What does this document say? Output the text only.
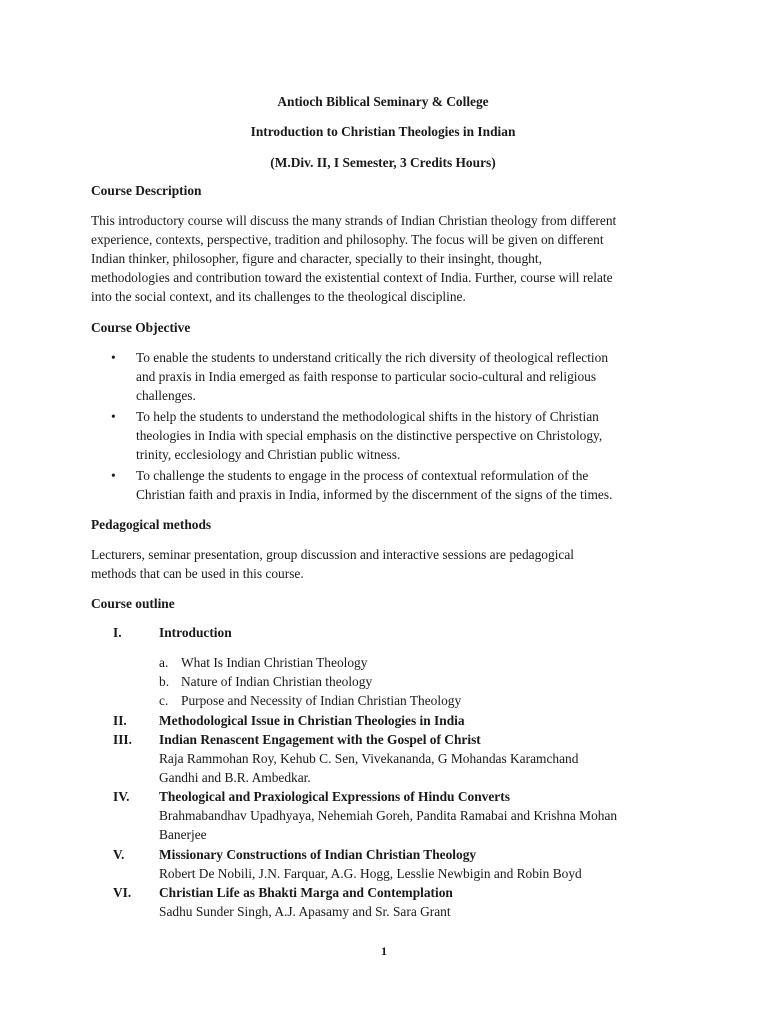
Antioch Biblical Seminary & College
Introduction to Christian Theologies in Indian
(M.Div. II, I Semester, 3 Credits Hours)
Course Description
This introductory course will discuss the many strands of Indian Christian theology from different
experience, contexts, perspective, tradition and philosophy. The focus will be given on different
Indian thinker, philosopher, figure and character, specially to their insinght, thought,
methodologies and contribution toward the existential context of India. Further, course will relate
into the social context, and its challenges to the theological discipline.
Course Objective
•	To enable the students to understand critically the rich diversity of theological reflection
and praxis in India emerged as faith response to particular socio-cultural and religious
challenges.
•	To help the students to understand the methodological shifts in the history of Christian
theologies in India with special emphasis on the distinctive perspective on Christology,
trinity, ecclesiology and Christian public witness.
•	To challenge the students to engage in the process of contextual reformulation of the
Christian faith and praxis in India, informed by the discernment of the signs of the times.
Pedagogical methods
Lecturers, seminar presentation, group discussion and interactive sessions are pedagogical
methods that can be used in this course.
Course outline
I.	Introduction
a. What Is Indian Christian Theology
b. Nature of Indian Christian theology
c. Purpose and Necessity of Indian Christian Theology
II. Methodological Issue in Christian Theologies in India
III. Indian Renascent Engagement with the Gospel of Christ
Raja Rammohan Roy, Kehub C. Sen, Vivekananda, G Mohandas Karamchand
Gandhi and B.R. Ambedkar.
IV. Theological and Praxiological Expressions of Hindu Converts
Brahmabandhav Upadhyaya, Nehemiah Goreh, Pandita Ramabai and Krishna Mohan
Banerjee
V.	Missionary Constructions of Indian Christian Theology
Robert De Nobili, J.N. Farquar, A.G. Hogg, Lesslie Newbigin and Robin Boyd
VI. Christian Life as Bhakti Marga and Contemplation
Sadhu Sunder Singh, A.J. Apasamy and Sr. Sara Grant
1
